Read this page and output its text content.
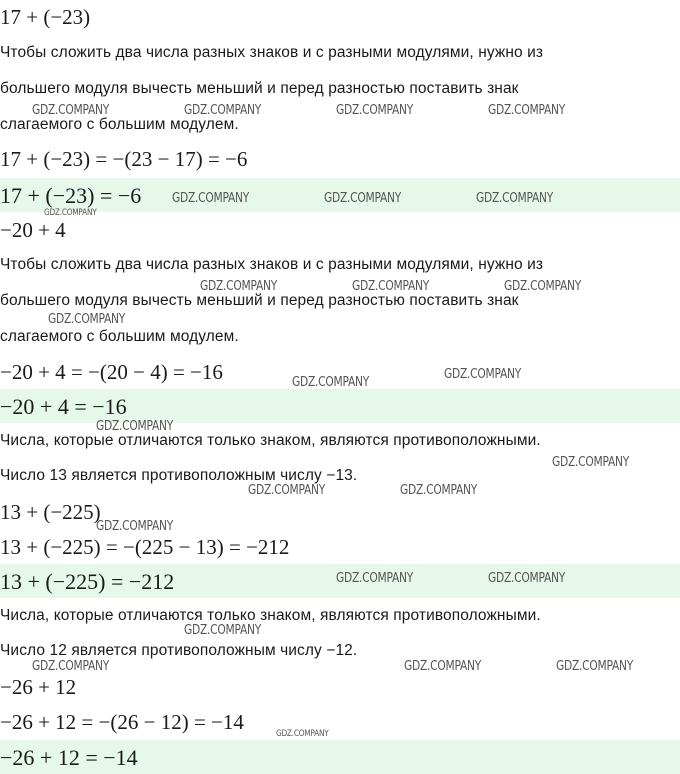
17 + (−23)
Чтобы сложить два числа разных знаков и с разными модулями, нужно из
большего модуля вычесть меньший и перед разностью поставить знак
слагаемого с большим модулем.
17 + (−23) = −(23 − 17) = −6
17 + (−23) = −6
−20 + 4
Чтобы сложить два числа разных знаков и с разными модулями, нужно из
большего модуля вычесть меньший и перед разностью поставить знак
слагаемого с большим модулем.
−20 + 4 = −(20 − 4) = −16
−20 + 4 = −16
Числа, которые отличаются только знаком, являются противоположными.
Число 13 является противоположным числу −13.
13 + (−225)
13 + (−225) = −(225 − 13) = −212
13 + (−225) = −212
Числа, которые отличаются только знаком, являются противоположными.
Число 12 является противоположным числу −12.
−26 + 12
−26 + 12 = −(26 − 12) = −14
−26 + 12 = −14
GDZ.COMPANY	GDZ.COMPANY	GDZ.COMPANY	GDZ.COMPANY
GDZ.COMPANY	GDZ.COMPANY	GDZ.COMPANY
GDZ.COMPANY
GDZ.COMPANY	GDZ.COMPANY	GDZ.COMPANY
GDZ.COMPANY
GDZ.COMPANY
GDZ.COMPANY
GDZ.COMPANY
GDZ.COMPANY
GDZ.COMPANY	GDZ.COMPANY
GDZ.COMPANY
GDZ.COMPANY	GDZ.COMPANY
GDZ.COMPANY
GDZ.COMPANY	GDZ.COMPANY	GDZ.COMPANY
GDZ.COMPANY
